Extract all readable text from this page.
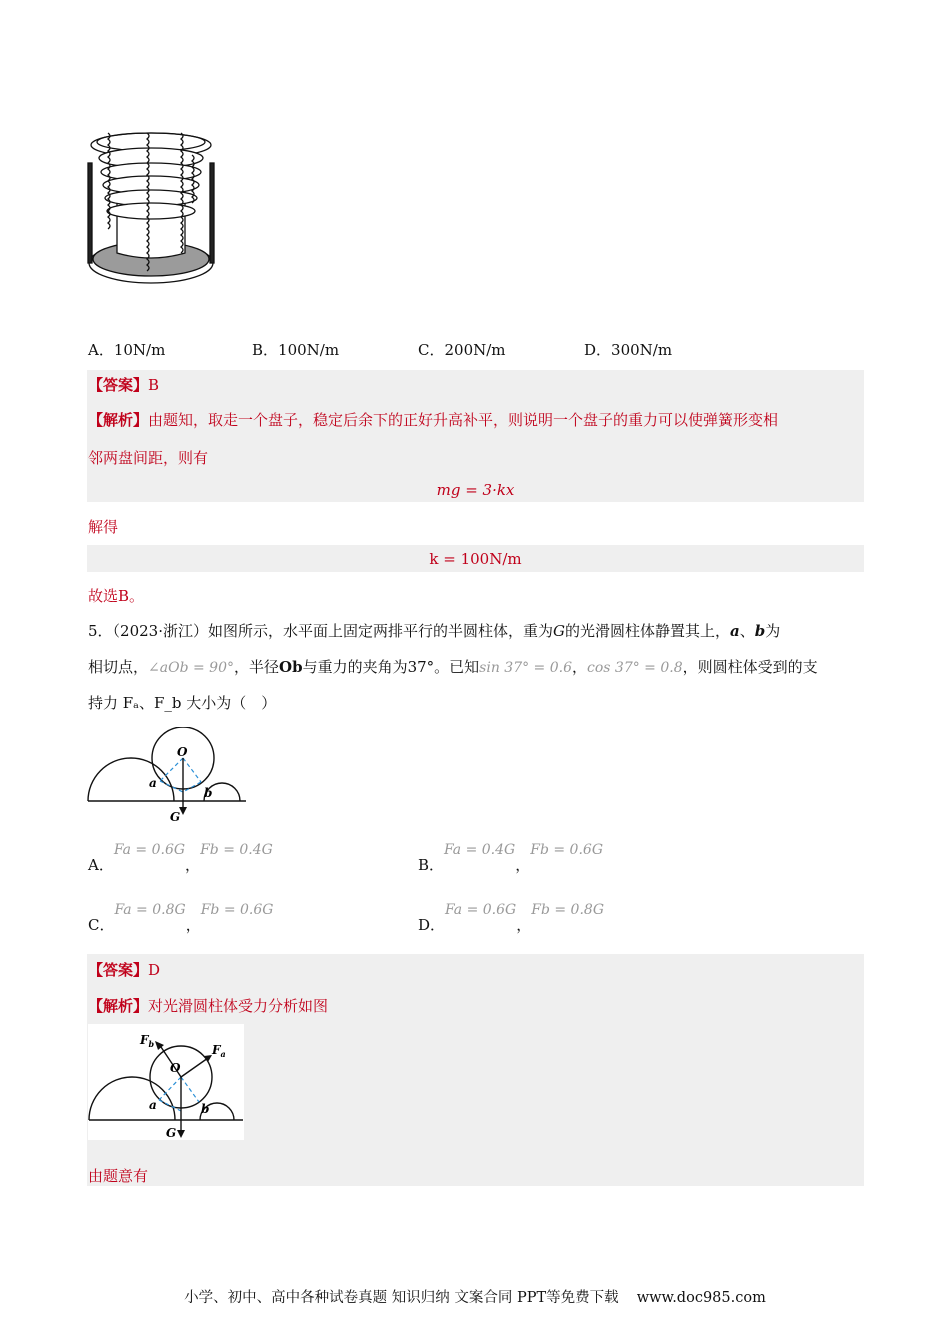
A．10N/m	B．100N/m	C．200N/m	D．300N/m
【答案】B
【解析】由题知，取走一个盘子，稳定后余下的正好升高补平，则说明一个盘子的重力可以使弹簧形变相
邻两盘间距，则有
mg = 3·kx
解得
k = 100N/m
故选B。
5．（2023·浙江）如图所示，水平面上固定两排平行的半圆柱体，重为G的光滑圆柱体静置其上，a、b为
相切点，∠aOb = 90°，半径Ob与重力的夹角为37°。已知sin 37° = 0.6，cos 37° = 0.8，则圆柱体受到的支
持力 Fₐ、F_b 大小为（　）
O
a
b
G
A．Fa = 0.6G，Fb = 0.4G
B．Fa = 0.4G，Fb = 0.6G
C．Fa = 0.8G，Fb = 0.6G
D．Fa = 0.6G，Fb = 0.8G
【答案】D
【解析】对光滑圆柱体受力分析如图
$F_b$	$F_a$
O
a	b
G
由题意有
小学、初中、高中各种试卷真题 知识归纳 文案合同 PPT等免费下载 www.doc985.com
